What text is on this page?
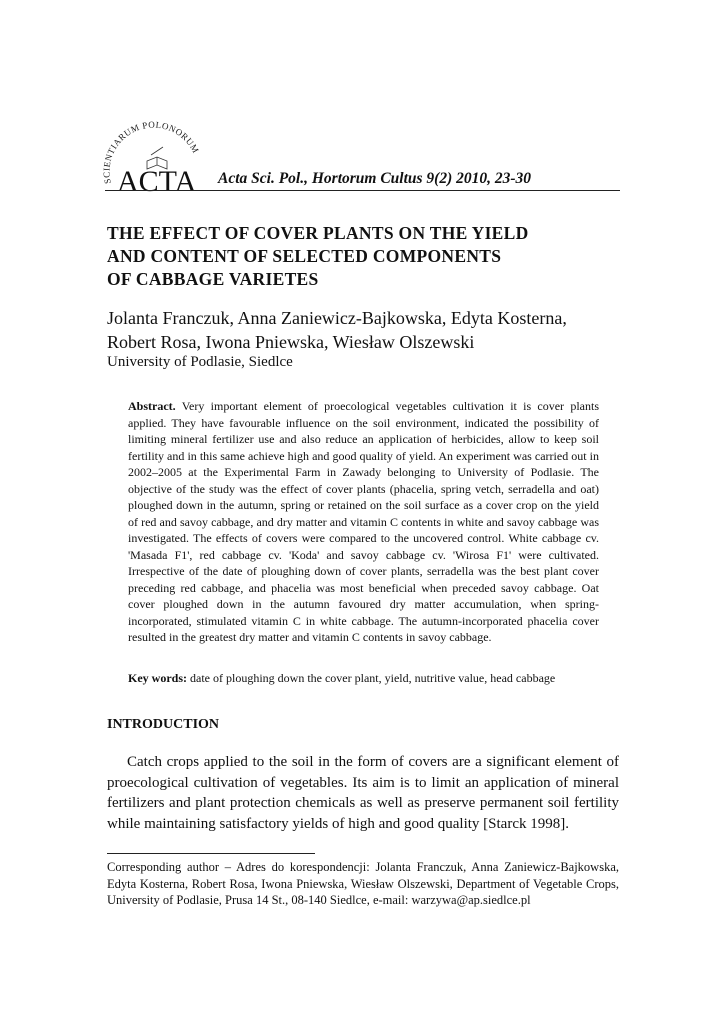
S NTIARUM POLONORUM
ACTA Acta Sci. Pol., Hortorum Cultus 9(2) 2010, 23-30
THE EFFECT OF COVER PLANTS ON THE YIELD
AND CONTENT OF SELECTED COMPONENTS
OF CABBAGE VARIETES
Jolanta Franczuk, Anna Zaniewicz-Bajkowska, Edyta Kosterna,
Robert Rosa, Iwona Pniewska, Wiesław Olszewski
University of Podlasie, Siedlce
Abstract. Very important element of proecological vegetables cultivation it is cover plants applied. They have favourable influence on the soil environment, indicated the possibility of limiting mineral fertilizer use and also reduce an application of herbicides, allow to keep soil fertility and in this same achieve high and good quality of yield. An experiment was carried out in 2002–2005 at the Experimental Farm in Zawady belonging to University of Podlasie. The objective of the study was the effect of cover plants (phacelia, spring vetch, serradella and oat) ploughed down in the autumn, spring or retained on the soil surface as a cover crop on the yield of red and savoy cabbage, and dry matter and vitamin C contents in white and savoy cabbage was investigated. The effects of covers were compared to the uncovered control. White cabbage cv. 'Masada F1', red cabbage cv. 'Koda' and savoy cabbage cv. 'Wirosa F1' were cultivated. Irrespective of the date of ploughing down of cover plants, serradella was the best plant cover preceding red cabbage, and phacelia was most beneficial when preceded savoy cabbage. Oat cover ploughed down in the autumn favoured dry matter accumulation, when spring-incorporated, stimulated vitamin C in white cabbage. The autumn-incorporated phacelia cover resulted in the greatest dry matter and vitamin C contents in savoy cabbage.
Key words: date of ploughing down the cover plant, yield, nutritive value, head cabbage
INTRODUCTION
Catch crops applied to the soil in the form of covers are a significant element of proecological cultivation of vegetables. Its aim is to limit an application of mineral fertilizers and plant protection chemicals as well as preserve permanent soil fertility while maintaining satisfactory yields of high and good quality [Starck 1998].
Corresponding author – Adres do korespondencji: Jolanta Franczuk, Anna Zaniewicz-Bajkowska, Edyta Kosterna, Robert Rosa, Iwona Pniewska, Wiesław Olszewski, Department of Vegetable Crops, University of Podlasie, Prusa 14 St., 08-140 Siedlce, e-mail: warzywa@ap.siedlce.pl
